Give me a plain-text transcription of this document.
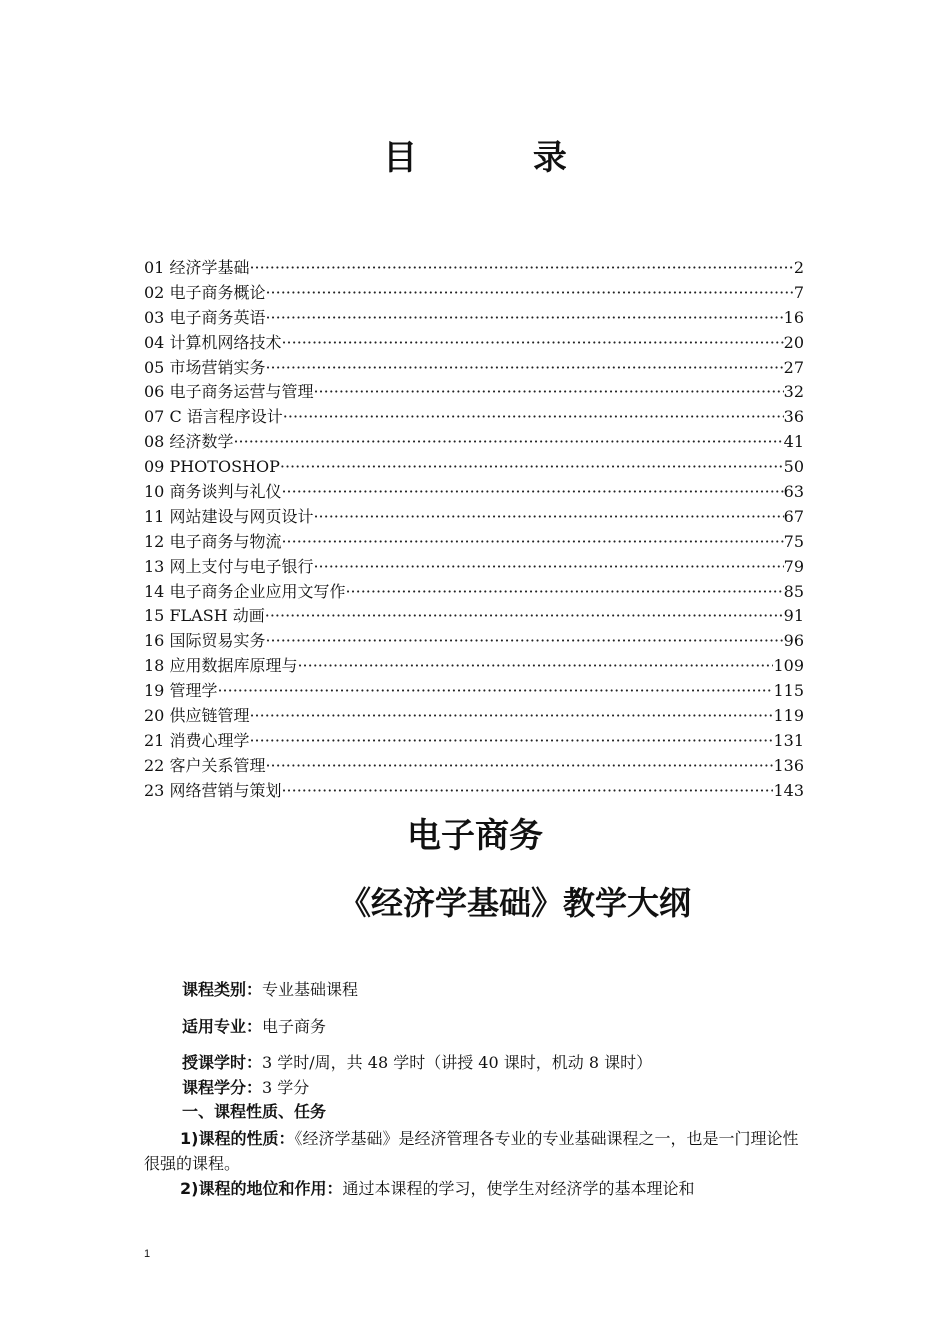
目 录
01 经济学基础 ·····	2
02 电子商务概论 ·····	7
03 电子商务英语 ·····	16
04 计算机网络技术 ·····	20
05 市场营销实务 ·····	27
06 电子商务运营与管理 ·····	32
07 C 语言程序设计 ·····	36
08 经济数学 ·····	41
09 PHOTOSHOP ·····	50
10 商务谈判与礼仪 ·····	63
11 网站建设与网页设计 ·····	67
12 电子商务与物流 ·····	75
13 网上支付与电子银行 ·····	79
14 电子商务企业应用文写作 ·····	85
15 FLASH 动画 ·····	91
16 国际贸易实务 ·····	96
18 应用数据库原理与 ·····	109
19 管理学 ·····	115
20 供应链管理 ·····	119
21 消费心理学 ·····	131
22 客户关系管理 ·····	136
23 网络营销与策划 ·····	143
电子商务
《经济学基础》教学大纲
课程类别：专业基础课程
适用专业：电子商务
授课学时：3 学时/周，共 48 学时（讲授 40 课时，机动 8 课时）
课程学分：3 学分
一、课程性质、任务
1)课程的性质：《经济学基础》是经济管理各专业的专业基础课程之一，也是一门理论性很强的课程。
2)课程的地位和作用：通过本课程的学习，使学生对经济学的基本理论和
1
